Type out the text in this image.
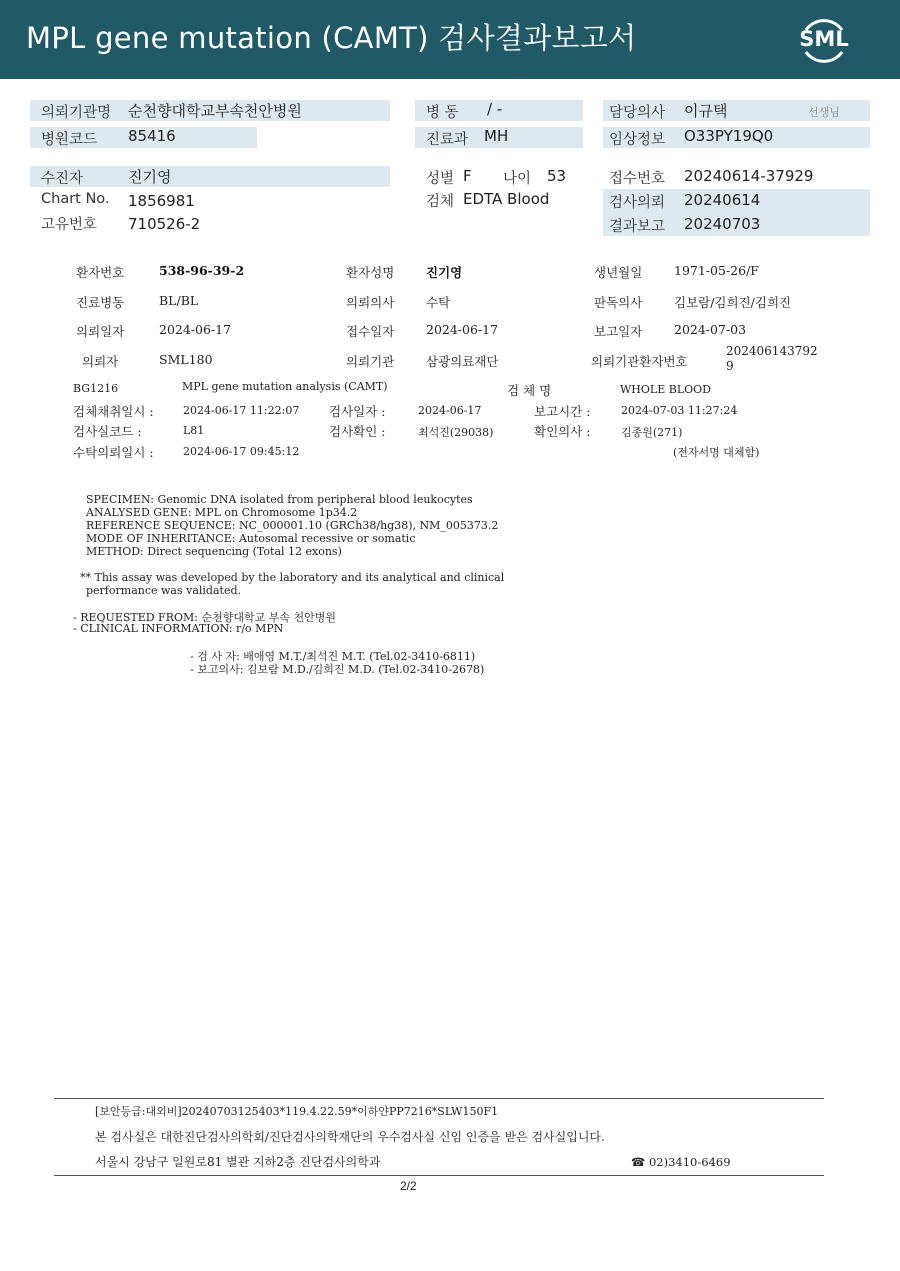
MPL gene mutation (CAMT) 검사결과보고서	SML
의뢰기관명 순천향대학교부속천안병원
병원코드 85416
병 동 / -
진료과 MH
담당의사 이규택	선생님
임상정보 O33PY19Q0
수진자	진기영
Chart No. 1856981
고유번호 710526-2
성별 F 나이 53
검체 EDTA Blood
접수번호 20240614-37929
검사의뢰 20240614
결과보고 20240703
환자번호	538-96-39-2	환자성명	진기영	생년월일	1971-05-26/F
진료병동	BL/BL	의뢰의사	수탁	판독의사	김보람/김희진/김희진
의뢰일자	2024-06-17	접수일자	2024-06-17	보고일자	2024-07-03
의뢰자	SML180	의뢰기관	삼광의료재단	의뢰기관환자번호
202406143792
9
BG1216	MPL gene mutation analysis (CAMT)	검 체 명	WHOLE BLOOD
검체채취일시 :	2024-06-17 11:22:07 검사일자 :	2024-06-17	보고시간 :	2024-07-03 11:27:24
검사실코드 :	L81	검사확인 :	최석진(29038)	확인의사 :	김종원(271)
수탁의뢰일시 :	2024-06-17 09:45:12	(전자서명 대체함)
SPECIMEN: Genomic DNA isolated from peripheral blood leukocytes
ANALYSED GENE: MPL on Chromosome 1p34.2
REFERENCE SEQUENCE: NC_000001.10 (GRCh38/hg38), NM_005373.2
MODE OF INHERITANCE: Autosomal recessive or somatic
METHOD: Direct sequencing (Total 12 exons)
** This assay was developed by the laboratory and its analytical and clinical
performance was validated.
- REQUESTED FROM: 순천향대학교 부속 천안병원
- CLINICAL INFORMATION: r/o MPN
- 검 사 자: 배애영 M.T./최석진 M.T. (Tel.02-3410-6811)
- 보고의사: 김보람 M.D./김희진 M.D. (Tel.02-3410-2678)
[보안등급:대외비]20240703125403*119.4.22.59*이하얀PP7216*SLW150F1
본 검사실은 대한진단검사의학회/진단검사의학재단의 우수검사실 신임 인증을 받은 검사실입니다.
서울시 강남구 일원로81 별관 지하2층 진단검사의학과	☎ 02)3410-6469
2/2
